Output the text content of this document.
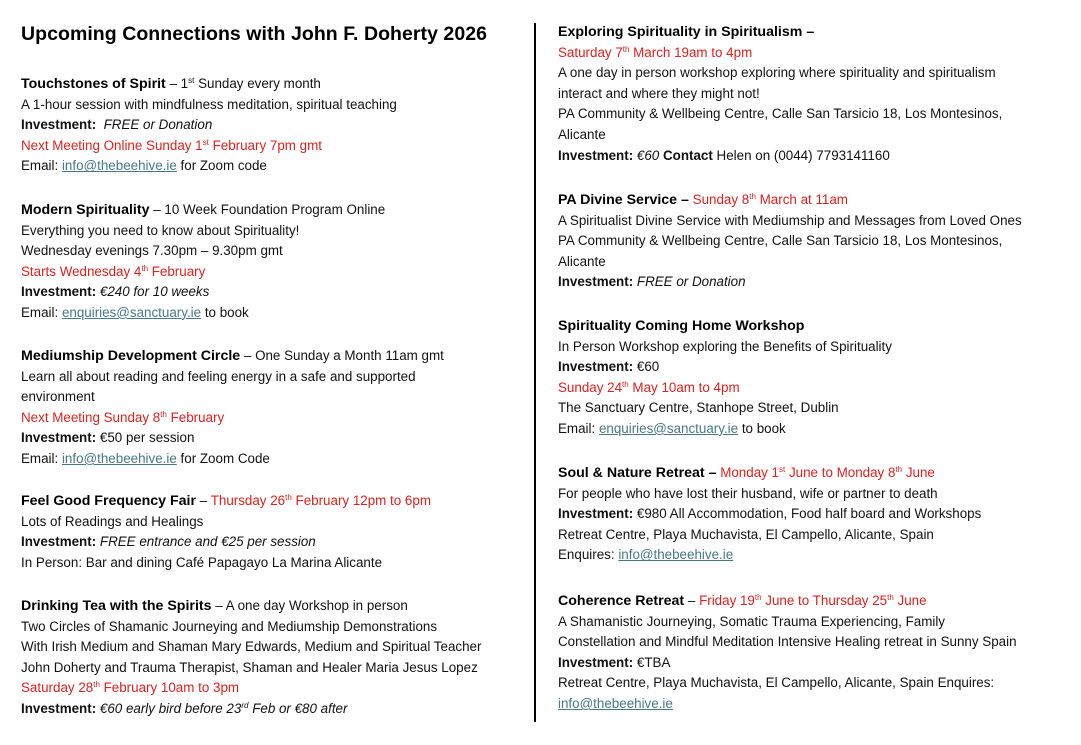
Upcoming Connections with John F. Doherty 2026
Touchstones of Spirit – 1st Sunday every month
A 1-hour session with mindfulness meditation, spiritual teaching
Investment: FREE or Donation
Next Meeting Online Sunday 1st February 7pm gmt
Email: info@thebeehive.ie for Zoom code
Modern Spirituality – 10 Week Foundation Program Online
Everything you need to know about Spirituality!
Wednesday evenings 7.30pm – 9.30pm gmt
Starts Wednesday 4th February
Investment: €240 for 10 weeks
Email: enquiries@sanctuary.ie to book
Mediumship Development Circle – One Sunday a Month 11am gmt
Learn all about reading and feeling energy in a safe and supported environment
Next Meeting Sunday 8th February
Investment: €50 per session
Email: info@thebeehive.ie for Zoom Code
Feel Good Frequency Fair – Thursday 26th February 12pm to 6pm
Lots of Readings and Healings
Investment: FREE entrance and €25 per session
In Person: Bar and dining Café Papagayo La Marina Alicante
Drinking Tea with the Spirits – A one day Workshop in person
Two Circles of Shamanic Journeying and Mediumship Demonstrations
With Irish Medium and Shaman Mary Edwards, Medium and Spiritual Teacher
John Doherty and Trauma Therapist, Shaman and Healer Maria Jesus Lopez
Saturday 28th February 10am to 3pm
Investment: €60 early bird before 23rd Feb or €80 after
Exploring Spirituality in Spiritualism –
Saturday 7th March 19am to 4pm
A one day in person workshop exploring where spirituality and spiritualism interact and where they might not!
PA Community & Wellbeing Centre, Calle San Tarsicio 18, Los Montesinos, Alicante
Investment: €60 Contact Helen on (0044) 7793141160
PA Divine Service – Sunday 8th March at 11am
A Spiritualist Divine Service with Mediumship and Messages from Loved Ones
PA Community & Wellbeing Centre, Calle San Tarsicio 18, Los Montesinos, Alicante
Investment: FREE or Donation
Spirituality Coming Home Workshop
In Person Workshop exploring the Benefits of Spirituality
Investment: €60
Sunday 24th May 10am to 4pm
The Sanctuary Centre, Stanhope Street, Dublin
Email: enquiries@sanctuary.ie to book
Soul & Nature Retreat – Monday 1st June to Monday 8th June
For people who have lost their husband, wife or partner to death
Investment: €980 All Accommodation, Food half board and Workshops
Retreat Centre, Playa Muchavista, El Campello, Alicante, Spain
Enquires: info@thebeehive.ie
Coherence Retreat – Friday 19th June to Thursday 25th June
A Shamanistic Journeying, Somatic Trauma Experiencing, Family
Constellation and Mindful Meditation Intensive Healing retreat in Sunny Spain
Investment: €TBA
Retreat Centre, Playa Muchavista, El Campello, Alicante, Spain Enquires:
info@thebeehive.ie
